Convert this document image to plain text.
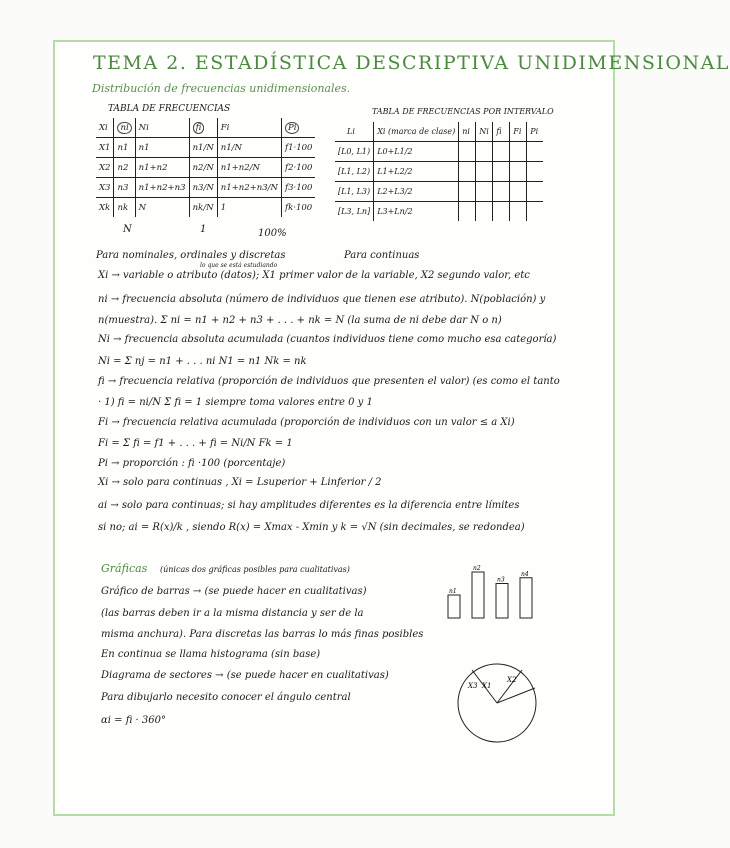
TEMA 2. ESTADÍSTICA DESCRIPTIVA UNIDIMENSIONAL
Distribución de frecuencias unidimensionales.
TABLA DE FRECUENCIAS
Xi	ni	Ni	fi	Fi	Pi
X1	n1	n1	n1/N	n1/N	f1·100
X2	n2	n1+n2	n2/N	n1+n2/N	f2·100
X3	n3	n1+n2+n3	n3/N	n1+n2+n3/N	f3·100
Xk	nk	N	nk/N	1	fk·100
N	1	100%
TABLA DE FRECUENCIAS POR INTERVALO
Li	Xi (marca de clase)	ni	Ni	fi	Fi	Pi
[L0, L1)	L0+L1/2					
[L1, L2)	L1+L2/2					
[L1, L3)	L2+L3/2					
[L3, Ln]	L3+Ln/2					
Para nominales, ordinales y discretas	Para continuas
lo que se está estudiando
Xi → variable o atributo (datos); X1 primer valor de la variable, X2 segundo valor, etc
ni → frecuencia absoluta (número de individuos que tienen ese atributo). N(población) y
n(muestra). Σ ni = n1 + n2 + n3 + . . . + nk = N (la suma de ni debe dar N o n)
Ni → frecuencia absoluta acumulada (cuantos individuos tiene como mucho esa categoría)
Ni = Σ nj = n1 + . . . ni N1 = n1 Nk = nk
fi → frecuencia relativa (proporción de individuos que presenten el valor) (es como el tanto
· 1) fi = ni/N Σ fi = 1 siempre toma valores entre 0 y 1
Fi → frecuencia relativa acumulada (proporción de individuos con un valor ≤ a Xi)
Fi = Σ fi = f1 + . . . + fi = Ni/N Fk = 1
Pi → proporción : fi ·100 (porcentaje)
Xi → solo para continuas , Xi = Lsuperior + Linferior / 2
ai → solo para continuas; si hay amplitudes diferentes es la diferencia entre límites
si no; ai = R(x)/k , siendo R(x) = Xmax - Xmin y k = √N (sin decimales, se redondea)
Gráficas (únicas dos gráficas posibles para cualitativas)
Gráfico de barras → (se puede hacer en cualitativas)
(las barras deben ir a la misma distancia y ser de la
misma anchura). Para discretas las barras lo más finas posibles
En continua se llama histograma (sin base)
Diagrama de sectores → (se puede hacer en cualitativas)
Para dibujarlo necesito conocer el ángulo central
αi = fi · 360°
n1
n2
n3
n4
X1
X2
X3
